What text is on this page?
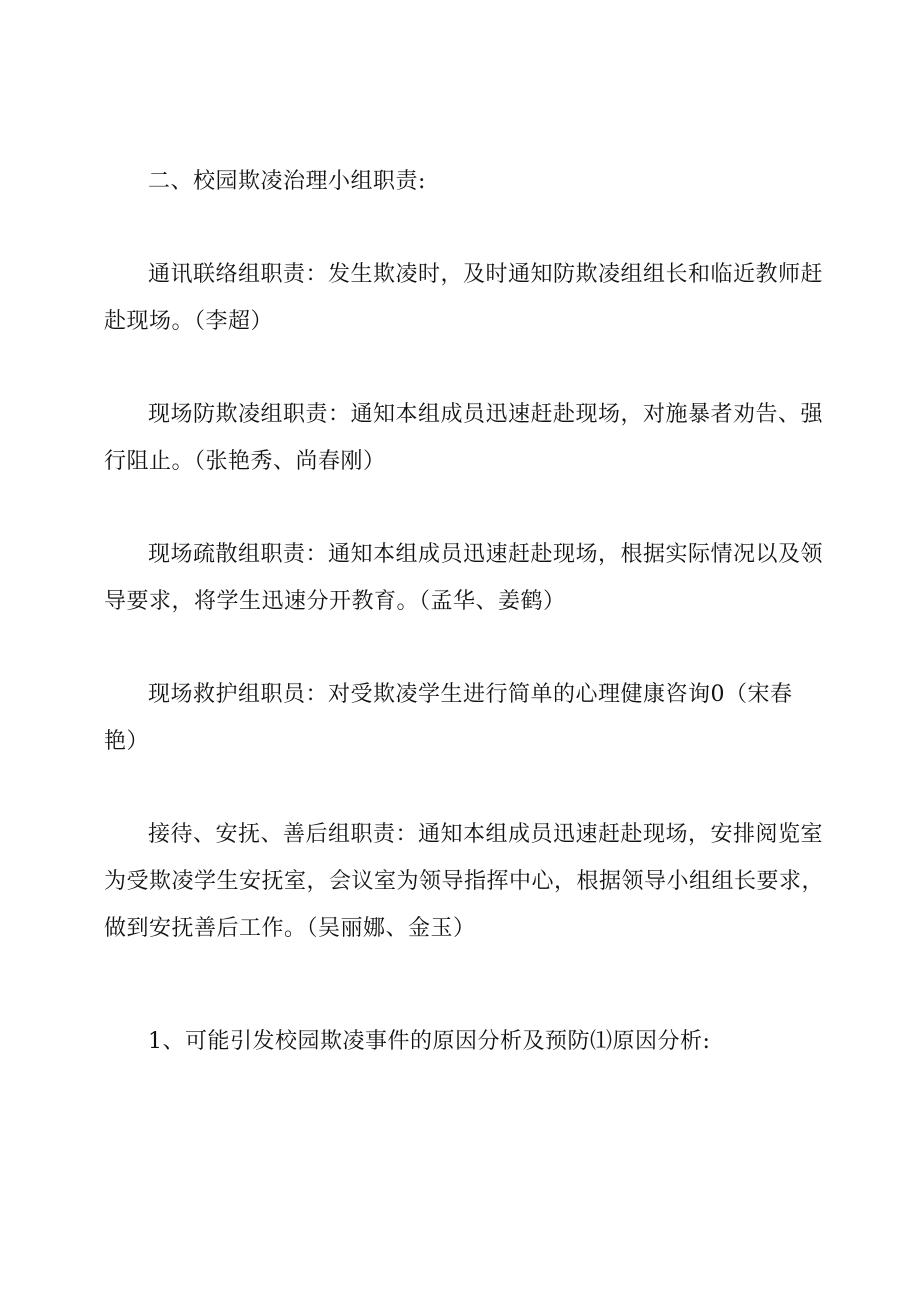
二、校园欺凌治理小组职责:

通讯联络组职责：发生欺凌时，及时通知防欺凌组组长和临近教师赶赴现场。（李超）

现场防欺凌组职责：通知本组成员迅速赶赴现场，对施暴者劝告、强行阻止。（张艳秀、尚春刚）

现场疏散组职责：通知本组成员迅速赶赴现场，根据实际情况以及领导要求，将学生迅速分开教育。（孟华、姜鹤）

现场救护组职员：对受欺凌学生进行简单的心理健康咨询0（宋春艳）

接待、安抚、善后组职责：通知本组成员迅速赶赴现场，安排阅览室为受欺凌学生安抚室，会议室为领导指挥中心，根据领导小组组长要求，做到安抚善后工作。（吴丽娜、金玉）

1、可能引发校园欺凌事件的原因分析及预防⑴原因分析:
